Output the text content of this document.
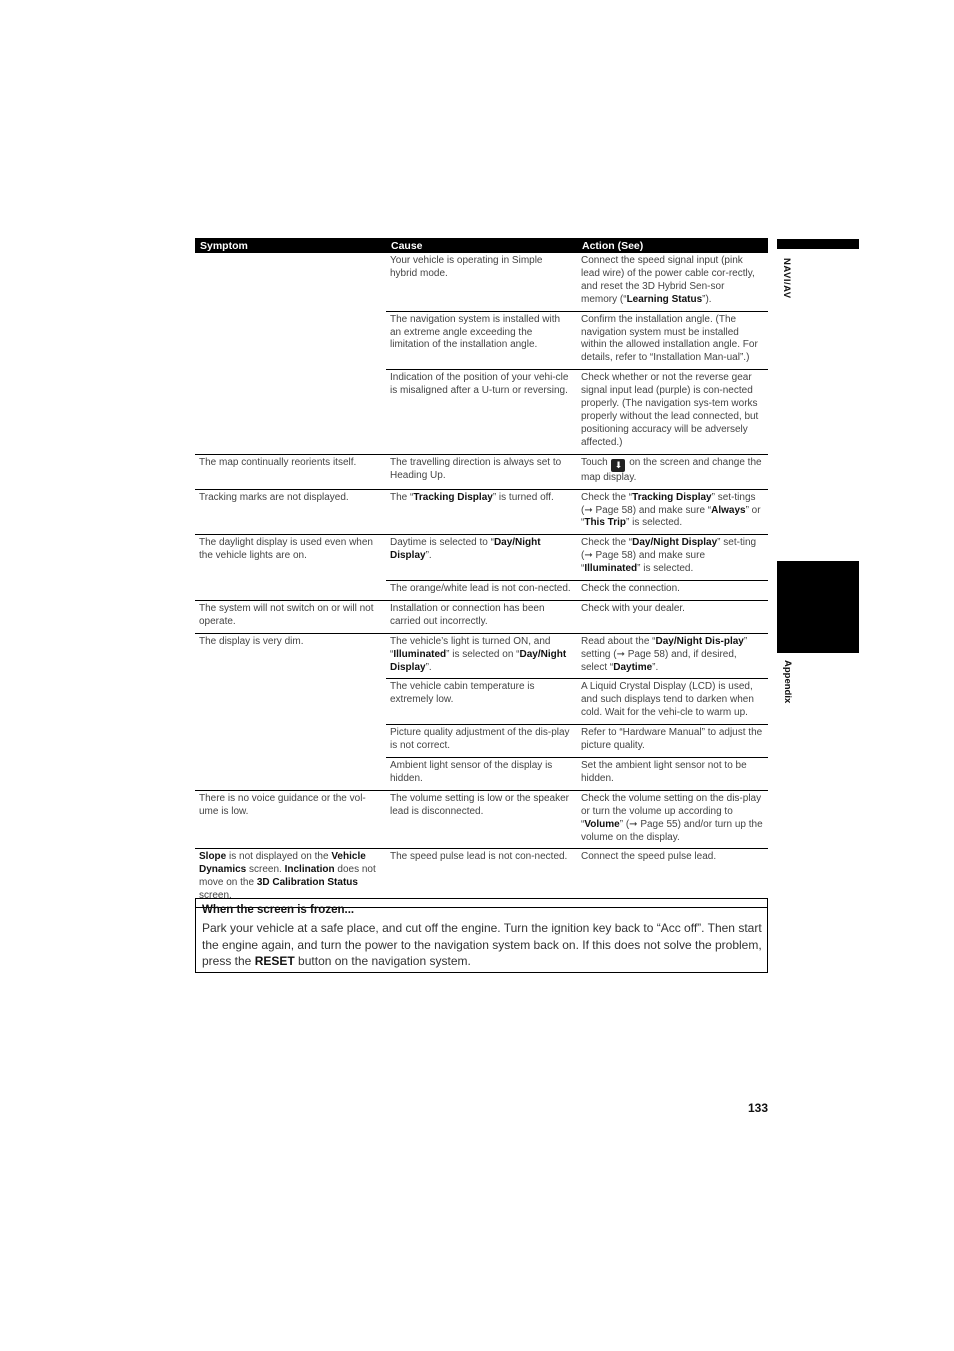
Symptom	Cause	Action (See)
	Your vehicle is operating in Simple hybrid mode.	Connect the speed signal input (pink lead wire) of the power cable cor-rectly, and reset the 3D Hybrid Sen-sor memory (“Learning Status”).
	The navigation system is installed with an extreme angle exceeding the limitation of the installation angle.	Confirm the installation angle. (The navigation system must be installed within the allowed installation angle. For details, refer to “Installation Man-ual”.)
	Indication of the position of your vehi-cle is misaligned after a U-turn or reversing.	Check whether or not the reverse gear signal input lead (purple) is con-nected properly. (The navigation sys-tem works properly without the lead connected, but positioning accuracy will be adversely affected.)
The map continually reorients itself.	The travelling direction is always set to Heading Up.	Touch ⬇ on the screen and change the map display.
Tracking marks are not displayed.	The “Tracking Display” is turned off.	Check the “Tracking Display” set-tings (➞ Page 58) and make sure “Always” or “This Trip” is selected.
The daylight display is used even when the vehicle lights are on.	Daytime is selected to “Day/Night Display”.	Check the “Day/Night Display” set-ting (➞ Page 58) and make sure “Illuminated” is selected.
	The orange/white lead is not con-nected.	Check the connection.
The system will not switch on or will not operate.	Installation or connection has been carried out incorrectly.	Check with your dealer.
The display is very dim.	The vehicle’s light is turned ON, and “Illuminated” is selected on “Day/Night Display”.	Read about the “Day/Night Dis-play” setting (➞ Page 58) and, if desired, select “Daytime”.
	The vehicle cabin temperature is extremely low.	A Liquid Crystal Display (LCD) is used, and such displays tend to darken when cold. Wait for the vehi-cle to warm up.
	Picture quality adjustment of the dis-play is not correct.	Refer to “Hardware Manual” to adjust the picture quality.
	Ambient light sensor of the display is hidden.	Set the ambient light sensor not to be hidden.
There is no voice guidance or the vol-ume is low.	The volume setting is low or the speaker lead is disconnected.	Check the volume setting on the dis-play or turn the volume up according to “Volume” (➞ Page 55) and/or turn up the volume on the display.
Slope is not displayed on the Vehicle Dynamics screen. Inclination does not move on the 3D Calibration Status screen.	The speed pulse lead is not con-nected.	Connect the speed pulse lead.
When the screen is frozen...
Park your vehicle at a safe place, and cut off the engine. Turn the ignition key back to “Acc off”. Then start the engine again, and turn the power to the navigation system back on. If this does not solve the problem, press the RESET button on the navigation system.
NAVI/AV
Appendix
133
